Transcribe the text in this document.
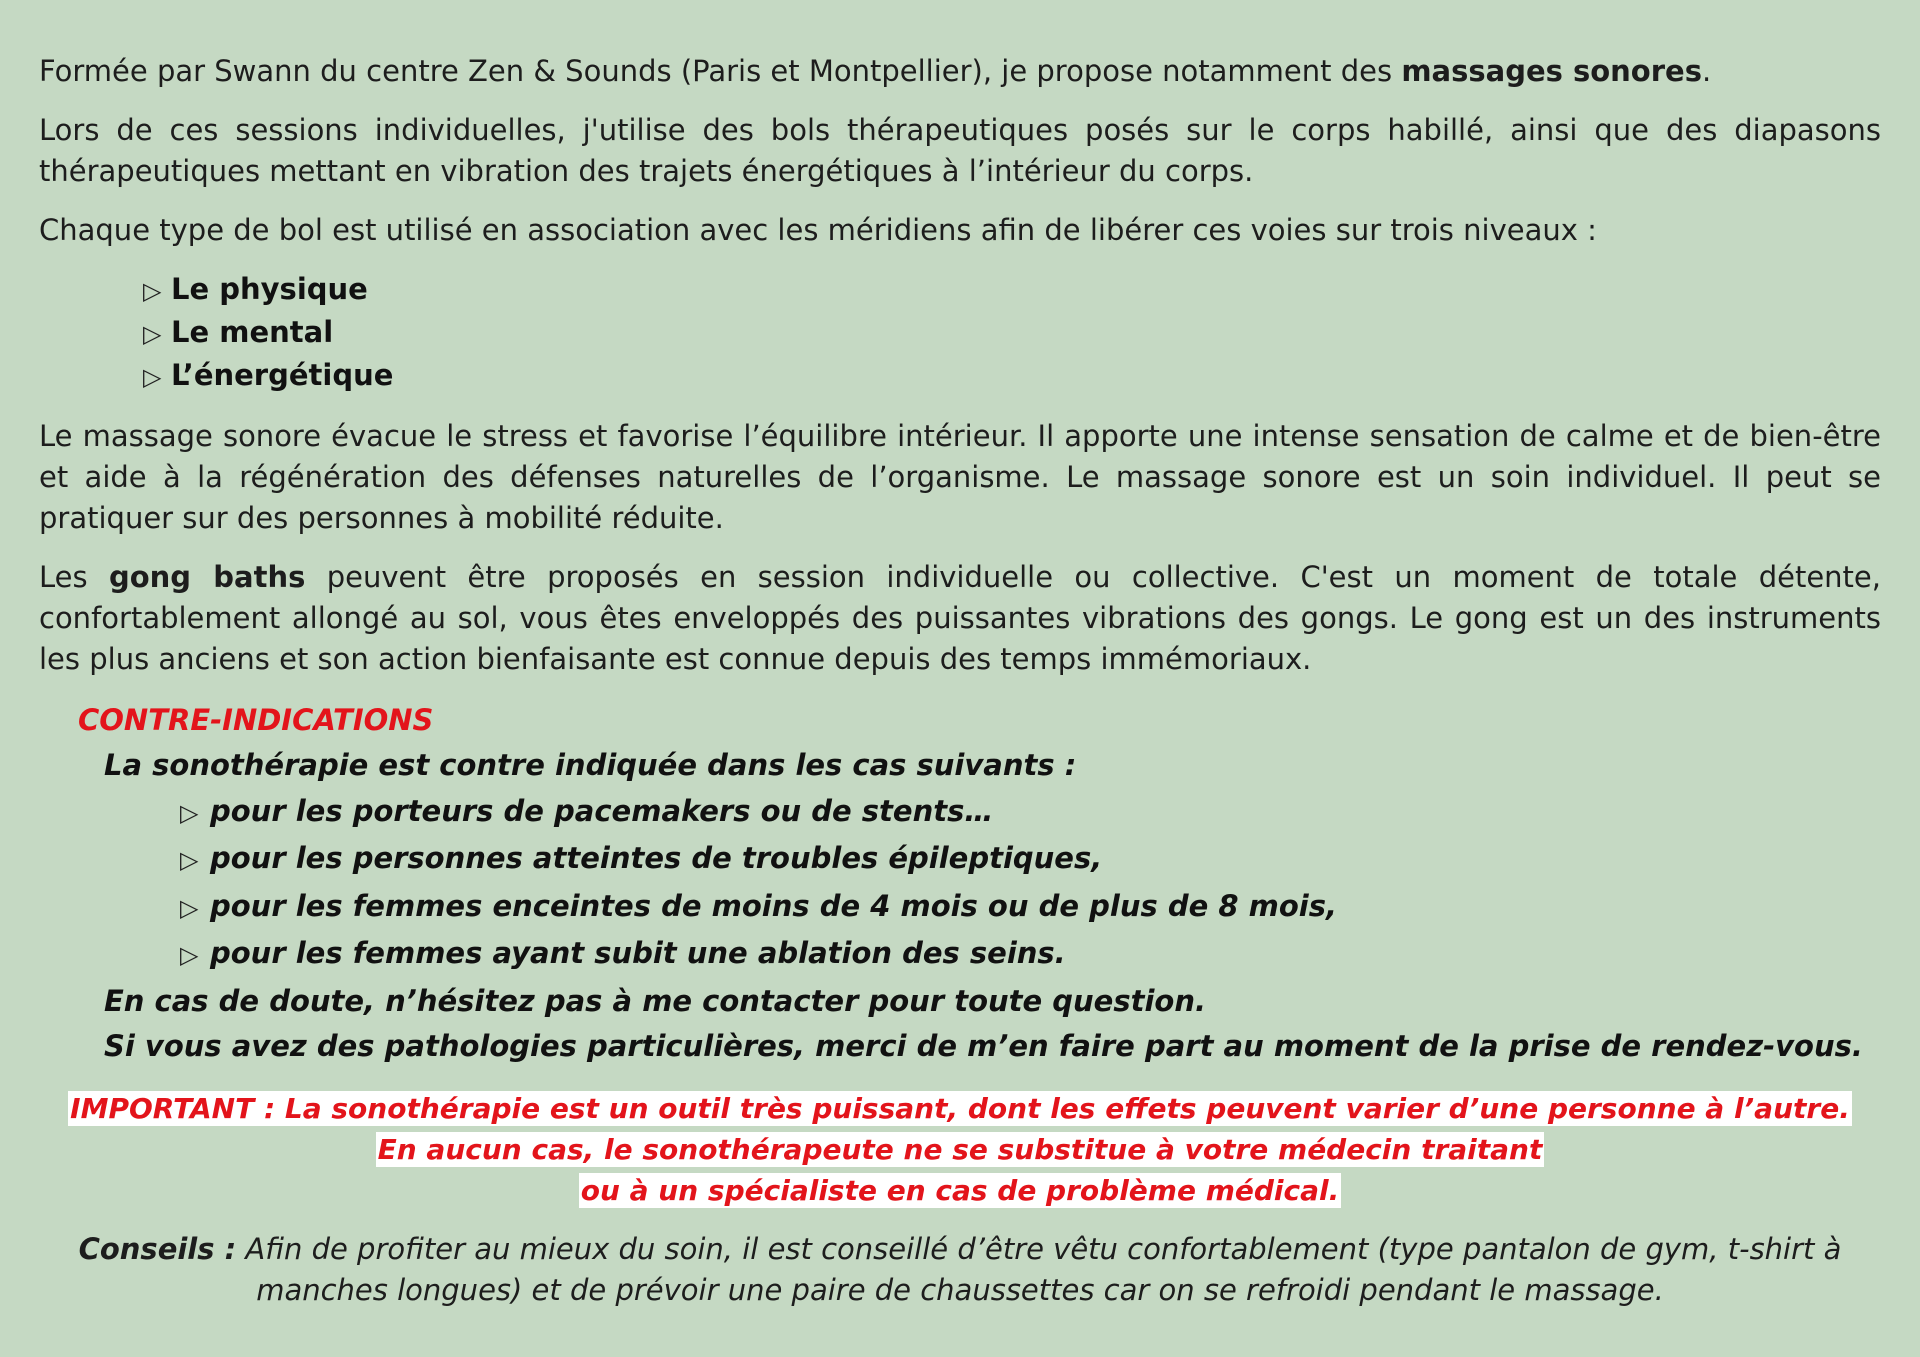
Formée par Swann du centre Zen & Sounds (Paris et Montpellier), je propose notamment des massages sonores.

Lors de ces sessions individuelles, j'utilise des bols thérapeutiques posés sur le corps habillé, ainsi que des diapasons thérapeutiques mettant en vibration des trajets énergétiques à l’intérieur du corps.

Chaque type de bol est utilisé en association avec les méridiens afin de libérer ces voies sur trois niveaux :

▷ Le physique
▷ Le mental
▷ L’énergétique

Le massage sonore évacue le stress et favorise l’équilibre intérieur. Il apporte une intense sensation de calme et de bien-être et aide à la régénération des défenses naturelles de l’organisme. Le massage sonore est un soin individuel. Il peut se pratiquer sur des personnes à mobilité réduite.

Les gong baths peuvent être proposés en session individuelle ou collective. C'est un moment de totale détente, confortablement allongé au sol, vous êtes enveloppés des puissantes vibrations des gongs. Le gong est un des instruments les plus anciens et son action bienfaisante est connue depuis des temps immémoriaux.

CONTRE-INDICATIONS
La sonothérapie est contre indiquée dans les cas suivants :
▷ pour les porteurs de pacemakers ou de stents…
▷ pour les personnes atteintes de troubles épileptiques,
▷ pour les femmes enceintes de moins de 4 mois ou de plus de 8 mois,
▷ pour les femmes ayant subit une ablation des seins.
En cas de doute, n’hésitez pas à me contacter pour toute question.
Si vous avez des pathologies particulières, merci de m’en faire part au moment de la prise de rendez-vous.
IMPORTANT : La sonothérapie est un outil très puissant, dont les effets peuvent varier d’une personne à l’autre.
En aucun cas, le sonothérapeute ne se substitue à votre médecin traitant
ou à un spécialiste en cas de problème médical.
Conseils : Afin de profiter au mieux du soin, il est conseillé d’être vêtu confortablement (type pantalon de gym, t-shirt à
manches longues) et de prévoir une paire de chaussettes car on se refroidi pendant le massage.
